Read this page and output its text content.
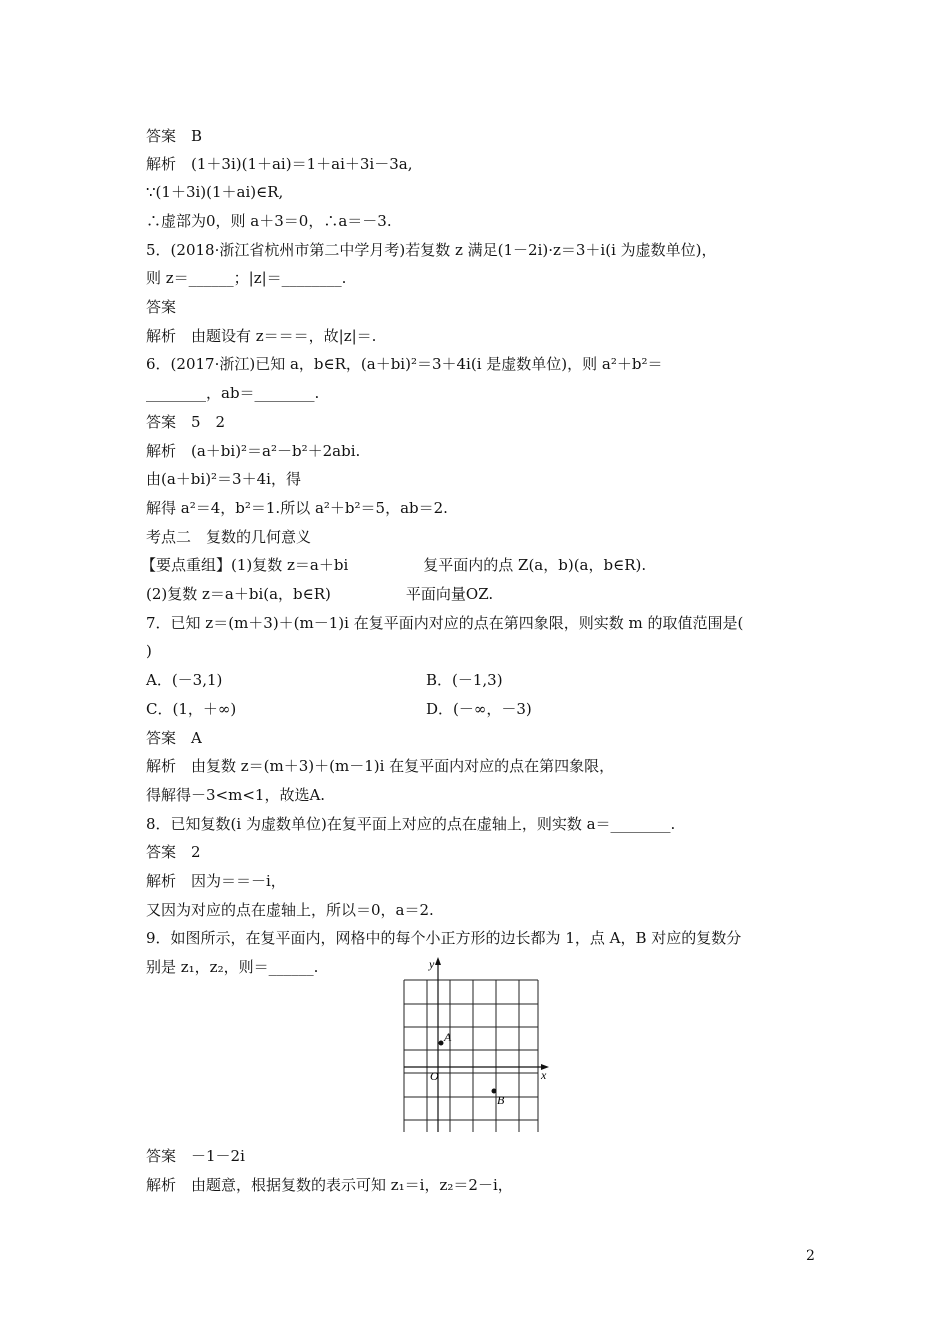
答案　B
解析　(1＋3i)(1＋ai)＝1＋ai＋3i－3a,
∵(1＋3i)(1＋ai)∈R,
∴虚部为0，则 a＋3＝0，∴a＝－3.
5．(2018·浙江省杭州市第二中学月考)若复数 z 满足(1－2i)·z＝3＋i(i 为虚数单位)，
则 z＝______；|z|＝________.
答案
解析　由题设有 z＝＝＝，故|z|＝.
6．(2017·浙江)已知 a，b∈R，(a＋bi)²＝3＋4i(i 是虚数单位)，则 a²＋b²＝
________，ab＝________.
答案　5　2
解析　(a＋bi)²＝a²－b²＋2abi.
由(a＋bi)²＝3＋4i，得
解得 a²＝4，b²＝1.所以 a²＋b²＝5，ab＝2.
考点二　复数的几何意义
【要点重组】(1)复数 z＝a＋bi　　　　　复平面内的点 Z(a，b)(a，b∈R).
(2)复数 z＝a＋bi(a，b∈R)　　　　　平面向量OZ.
7．已知 z＝(m＋3)＋(m－1)i 在复平面内对应的点在第四象限，则实数 m 的取值范围是(
)
A．(－3,1)	B．(－1,3)
C．(1，＋∞)	D．(－∞，－3)
答案　A
解析　由复数 z＝(m＋3)＋(m－1)i 在复平面内对应的点在第四象限，
得解得－3<m<1，故选A.
8．已知复数(i 为虚数单位)在复平面上对应的点在虚轴上，则实数 a＝________.
答案　2
解析　因为＝＝－i，
又因为对应的点在虚轴上，所以＝0，a＝2.
9．如图所示，在复平面内，网格中的每个小正方形的边长都为 1，点 A，B 对应的复数分
别是 z₁，z₂，则＝______.	y
x
O
A
B
答案　－1－2i
解析　由题意，根据复数的表示可知 z₁＝i，z₂＝2－i，
2
